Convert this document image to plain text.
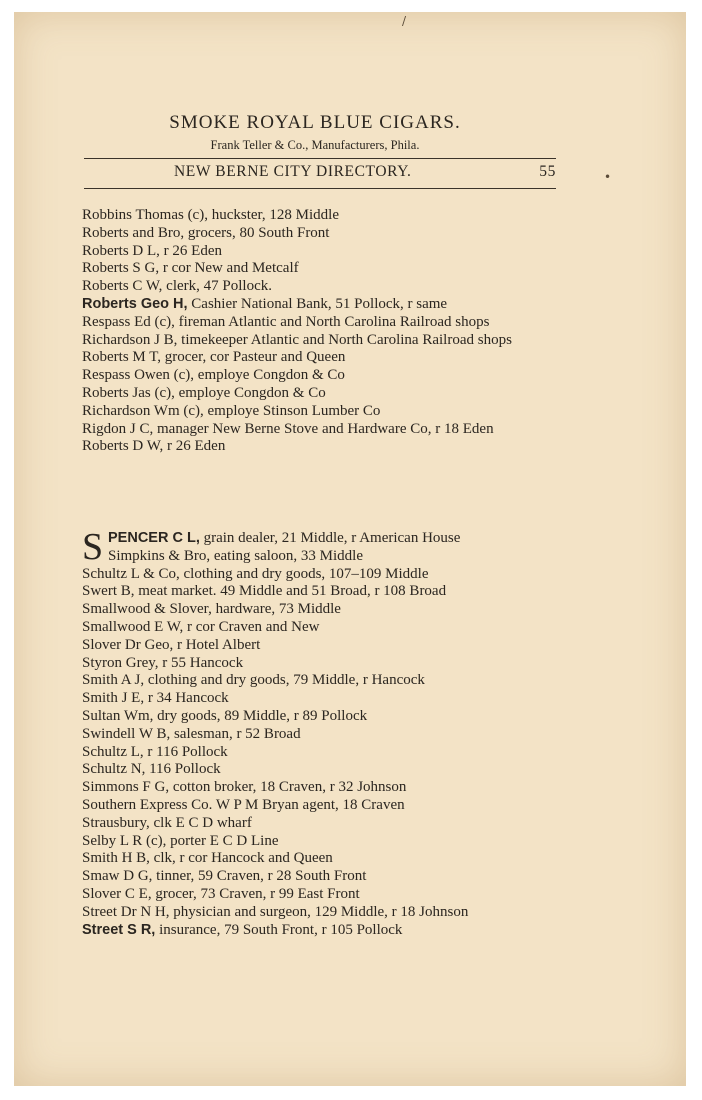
/
•
SMOKE ROYAL BLUE CIGARS.
Frank Teller & Co., Manufacturers, Phila.
NEW BERNE CITY DIRECTORY.	55
Robbins Thomas (c), huckster, 128 Middle
Roberts and Bro, grocers, 80 South Front
Roberts D L, r 26 Eden
Roberts S G, r cor New and Metcalf
Roberts C W, clerk, 47 Pollock.
Roberts Geo H, Cashier National Bank, 51 Pollock, r same
Respass Ed (c), fireman Atlantic and North Carolina Railroad shops
Richardson J B, timekeeper Atlantic and North Carolina Railroad shops
Roberts M T, grocer, cor Pasteur and Queen
Respass Owen (c), employe Congdon & Co
Roberts Jas (c), employe Congdon & Co
Richardson Wm (c), employe Stinson Lumber Co
Rigdon J C, manager New Berne Stove and Hardware Co, r 18 Eden
Roberts D W, r 26 Eden
S PENCER C L, grain dealer, 21 Middle, r American House
Simpkins & Bro, eating saloon, 33 Middle
Schultz L & Co, clothing and dry goods, 107–109 Middle
Swert B, meat market. 49 Middle and 51 Broad, r 108 Broad
Smallwood & Slover, hardware, 73 Middle
Smallwood E W, r cor Craven and New
Slover Dr Geo, r Hotel Albert
Styron Grey, r 55 Hancock
Smith A J, clothing and dry goods, 79 Middle, r Hancock
Smith J E, r 34 Hancock
Sultan Wm, dry goods, 89 Middle, r 89 Pollock
Swindell W B, salesman, r 52 Broad
Schultz L, r 116 Pollock
Schultz N, 116 Pollock
Simmons F G, cotton broker, 18 Craven, r 32 Johnson
Southern Express Co. W P M Bryan agent, 18 Craven
Strausbury, clk E C D wharf
Selby L R (c), porter E C D Line
Smith H B, clk, r cor Hancock and Queen
Smaw D G, tinner, 59 Craven, r 28 South Front
Slover C E, grocer, 73 Craven, r 99 East Front
Street Dr N H, physician and surgeon, 129 Middle, r 18 Johnson
Street S R, insurance, 79 South Front, r 105 Pollock
